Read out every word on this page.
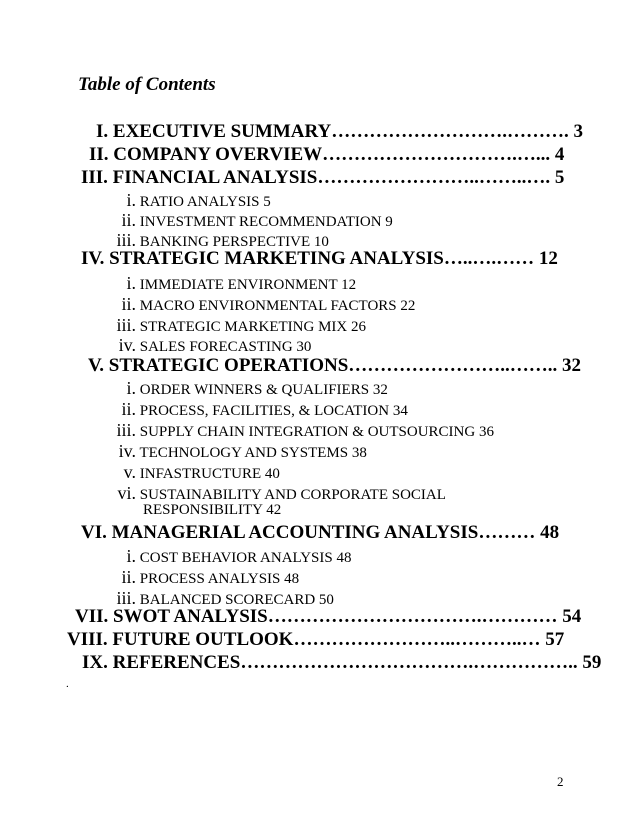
Table of Contents
I. EXECUTIVE SUMMARY……………………….………. 3
II. COMPANY OVERVIEW………………………….…... 4
III. FINANCIAL ANALYSIS……………………..……..…. 5
i. RATIO ANALYSIS 5
ii. INVESTMENT RECOMMENDATION 9
iii. BANKING PERSPECTIVE 10
IV. STRATEGIC MARKETING ANALYSIS…..….…… 12
i. IMMEDIATE ENVIRONMENT 12
ii. MACRO ENVIRONMENTAL FACTORS 22
iii. STRATEGIC MARKETING MIX 26
iv. SALES FORECASTING 30
V. STRATEGIC OPERATIONS……………………..…….. 32
i. ORDER WINNERS & QUALIFIERS 32
ii. PROCESS, FACILITIES, & LOCATION 34
iii. SUPPLY CHAIN INTEGRATION & OUTSOURCING 36
iv. TECHNOLOGY AND SYSTEMS 38
v. INFASTRUCTURE 40
vi. SUSTAINABILITY AND CORPORATE SOCIAL
RESPONSIBILITY 42
VI. MANAGERIAL ACCOUNTING ANALYSIS……… 48
i. COST BEHAVIOR ANALYSIS 48
ii. PROCESS ANALYSIS 48
iii. BALANCED SCORECARD 50
VII. SWOT ANALYSIS…………………………….………… 54
VIII. FUTURE OUTLOOK……………………..………..… 57
IX. REFERENCES……………………………….…………….. 59
.
2
